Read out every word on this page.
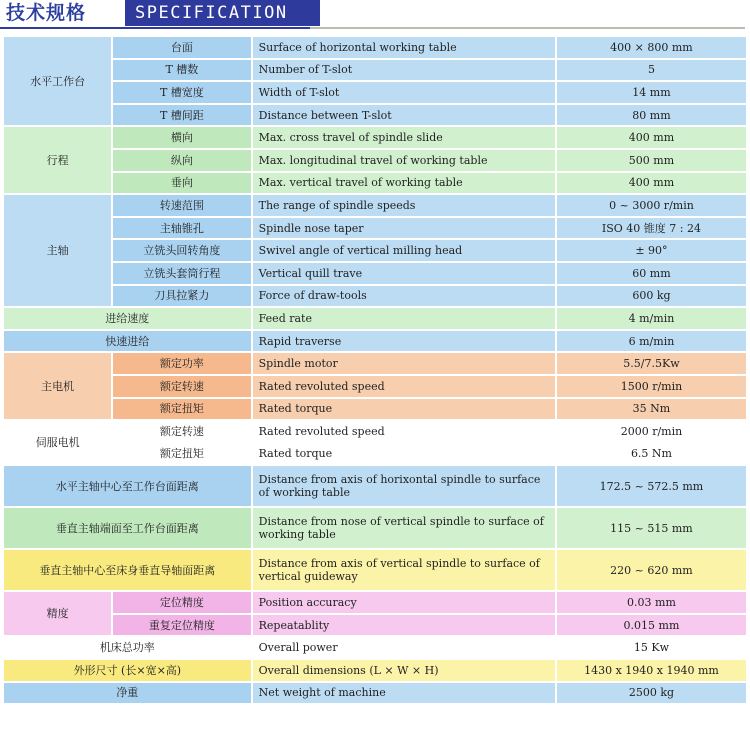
技术规格	SPECIFICATION
水平工作台	台面	Surface of horizontal working table	400 × 800 mm
	T 槽数	Number of T-slot	5
	T 槽宽度	Width of T-slot	14 mm
	T 槽间距	Distance between T-slot	80 mm
行程	横向	Max. cross travel of spindle slide	400 mm
	纵向	Max. longitudinal travel of working table	500 mm
	垂向	Max. vertical travel of working table	400 mm
主轴	转速范围	The range of spindle speeds	0 ~ 3000 r/min
	主轴锥孔	Spindle nose taper	ISO 40 锥度 7 : 24
	立铣头回转角度	Swivel angle of vertical milling head	± 90°
	立铣头套筒行程	Vertical quill trave	60 mm
	刀具拉紧力	Force of draw-tools	600 kg
进给速度		Feed rate	4 m/min
快速进给		Rapid traverse	6 m/min
主电机	额定功率	Spindle motor	5.5/7.5Kw
	额定转速	Rated revoluted speed	1500 r/min
	额定扭矩	Rated torque	35 Nm
伺服电机	额定转速	Rated revoluted speed	2000 r/min
	额定扭矩	Rated torque	6.5 Nm
水平主轴中心至工作台面距离		Distance from axis of horixontal spindle to surface of working table	172.5 ~ 572.5 mm
垂直主轴端面至工作台面距离		Distance from nose of vertical spindle to surface of working table	115 ~ 515 mm
垂直主轴中心至床身垂直导轴面距离		Distance from axis of vertical spindle to surface of vertical guideway	220 ~ 620 mm
精度	定位精度	Position accuracy	0.03 mm
	重复定位精度	Repeatablity	0.015 mm
机床总功率		Overall power	15 Kw
外形尺寸 (长×宽×高)		Overall dimensions (L × W × H)	1430 x 1940 x 1940 mm
净重		Net weight of machine	2500 kg
